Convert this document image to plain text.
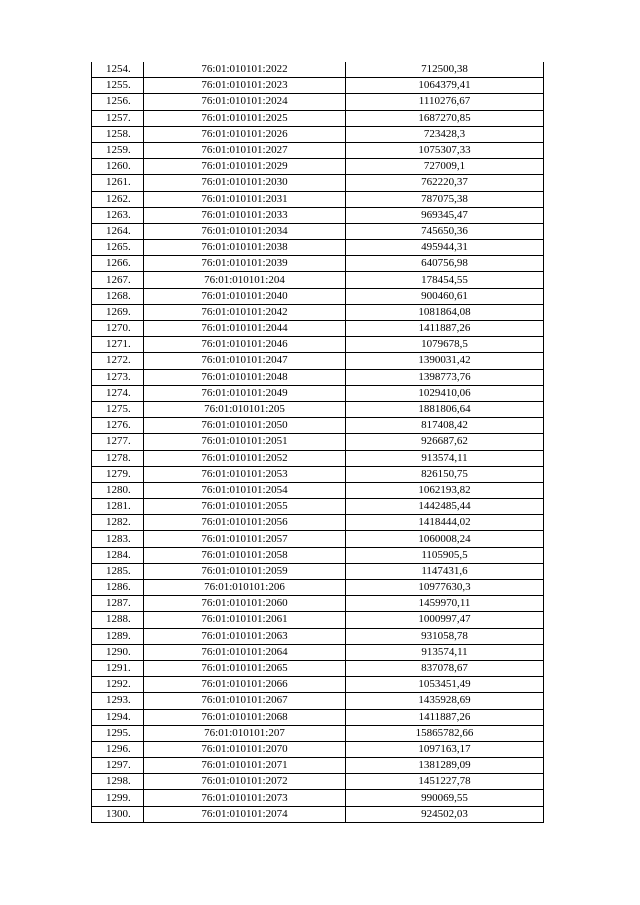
1254.	76:01:010101:2022	712500,38
1255.	76:01:010101:2023	1064379,41
1256.	76:01:010101:2024	1110276,67
1257.	76:01:010101:2025	1687270,85
1258.	76:01:010101:2026	723428,3
1259.	76:01:010101:2027	1075307,33
1260.	76:01:010101:2029	727009,1
1261.	76:01:010101:2030	762220,37
1262.	76:01:010101:2031	787075,38
1263.	76:01:010101:2033	969345,47
1264.	76:01:010101:2034	745650,36
1265.	76:01:010101:2038	495944,31
1266.	76:01:010101:2039	640756,98
1267.	76:01:010101:204	178454,55
1268.	76:01:010101:2040	900460,61
1269.	76:01:010101:2042	1081864,08
1270.	76:01:010101:2044	1411887,26
1271.	76:01:010101:2046	1079678,5
1272.	76:01:010101:2047	1390031,42
1273.	76:01:010101:2048	1398773,76
1274.	76:01:010101:2049	1029410,06
1275.	76:01:010101:205	1881806,64
1276.	76:01:010101:2050	817408,42
1277.	76:01:010101:2051	926687,62
1278.	76:01:010101:2052	913574,11
1279.	76:01:010101:2053	826150,75
1280.	76:01:010101:2054	1062193,82
1281.	76:01:010101:2055	1442485,44
1282.	76:01:010101:2056	1418444,02
1283.	76:01:010101:2057	1060008,24
1284.	76:01:010101:2058	1105905,5
1285.	76:01:010101:2059	1147431,6
1286.	76:01:010101:206	10977630,3
1287.	76:01:010101:2060	1459970,11
1288.	76:01:010101:2061	1000997,47
1289.	76:01:010101:2063	931058,78
1290.	76:01:010101:2064	913574,11
1291.	76:01:010101:2065	837078,67
1292.	76:01:010101:2066	1053451,49
1293.	76:01:010101:2067	1435928,69
1294.	76:01:010101:2068	1411887,26
1295.	76:01:010101:207	15865782,66
1296.	76:01:010101:2070	1097163,17
1297.	76:01:010101:2071	1381289,09
1298.	76:01:010101:2072	1451227,78
1299.	76:01:010101:2073	990069,55
1300.	76:01:010101:2074	924502,03
